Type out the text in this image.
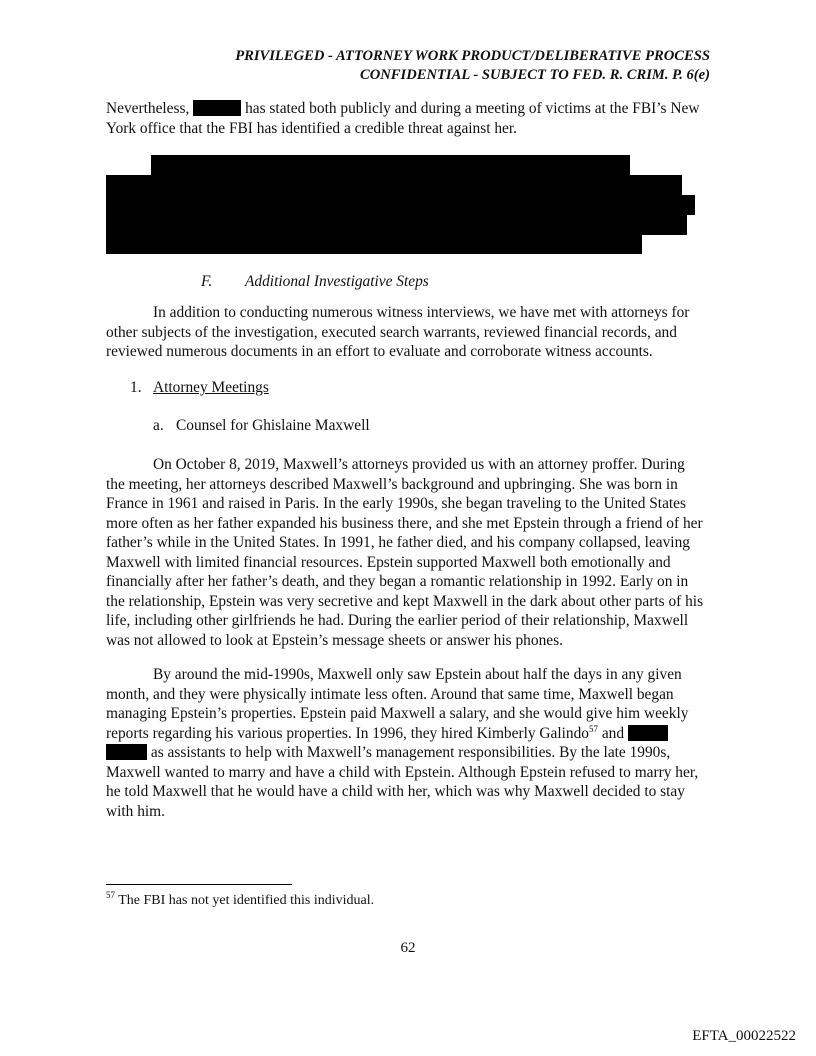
PRIVILEGED - ATTORNEY WORK PRODUCT/DELIBERATIVE PROCESS
CONFIDENTIAL - SUBJECT TO FED. R. CRIM. P. 6(e)
Nevertheless,	has stated both publicly and during a meeting of victims at the FBI’s New
York office that the FBI has identified a credible threat against her.
F. Additional Investigative Steps
In addition to conducting numerous witness interviews, we have met with attorneys for
other subjects of the investigation, executed search warrants, reviewed financial records, and
reviewed numerous documents in an effort to evaluate and corroborate witness accounts.
1. Attorney Meetings
a. Counsel for Ghislaine Maxwell
On October 8, 2019, Maxwell’s attorneys provided us with an attorney proffer. During
the meeting, her attorneys described Maxwell’s background and upbringing. She was born in
France in 1961 and raised in Paris. In the early 1990s, she began traveling to the United States
more often as her father expanded his business there, and she met Epstein through a friend of her
father’s while in the United States. In 1991, he father died, and his company collapsed, leaving
Maxwell with limited financial resources. Epstein supported Maxwell both emotionally and
financially after her father’s death, and they began a romantic relationship in 1992. Early on in
the relationship, Epstein was very secretive and kept Maxwell in the dark about other parts of his
life, including other girlfriends he had. During the earlier period of their relationship, Maxwell
was not allowed to look at Epstein’s message sheets or answer his phones.
By around the mid-1990s, Maxwell only saw Epstein about half the days in any given
month, and they were physically intimate less often. Around that same time, Maxwell began
managing Epstein’s properties. Epstein paid Maxwell a salary, and she would give him weekly
reports regarding his various properties. In 1996, they hired Kimberly Galindo$^{57}$ and
as assistants to help with Maxwell’s management responsibilities. By the late 1990s,
Maxwell wanted to marry and have a child with Epstein. Although Epstein refused to marry her,
he told Maxwell that he would have a child with her, which was why Maxwell decided to stay
with him.
$^{57}$ The FBI has not yet identified this individual.
62
EFTA_00022522
